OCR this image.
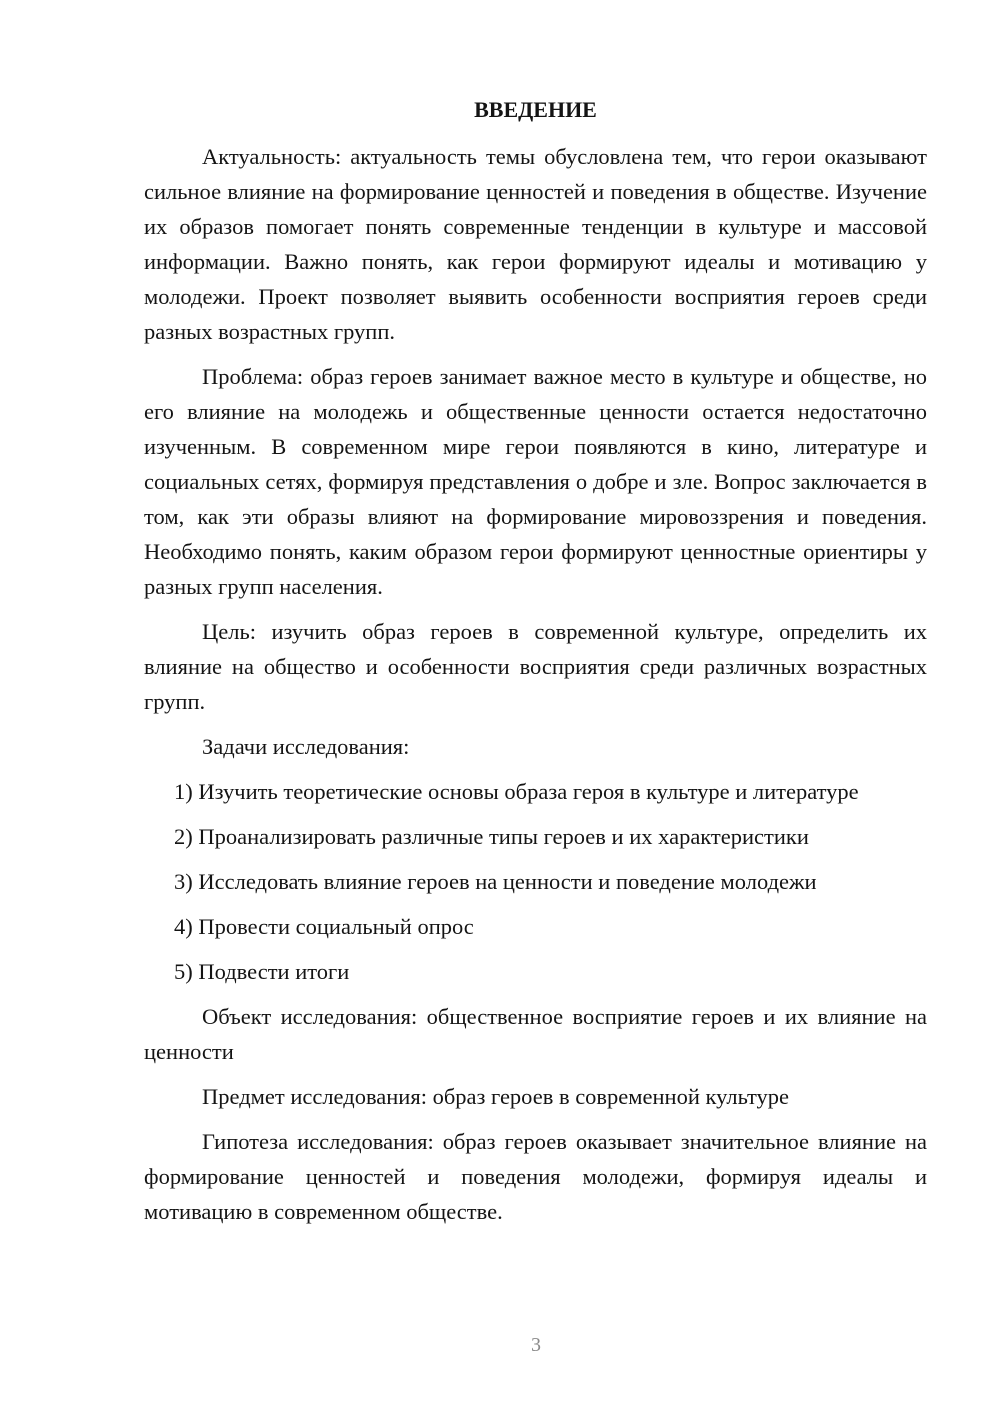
ВВЕДЕНИЕ

Актуальность: актуальность темы обусловлена тем, что герои оказывают сильное влияние на формирование ценностей и поведения в обществе. Изучение их образов помогает понять современные тенденции в культуре и массовой информации. Важно понять, как герои формируют идеалы и мотивацию у молодежи. Проект позволяет выявить особенности восприятия героев среди разных возрастных групп.

Проблема: образ героев занимает важное место в культуре и обществе, но его влияние на молодежь и общественные ценности остается недостаточно изученным. В современном мире герои появляются в кино, литературе и социальных сетях, формируя представления о добре и зле. Вопрос заключается в том, как эти образы влияют на формирование мировоззрения и поведения. Необходимо понять, каким образом герои формируют ценностные ориентиры у разных групп населения.

Цель: изучить образ героев в современной культуре, определить их влияние на общество и особенности восприятия среди различных возрастных групп.

Задачи исследования:

1) Изучить теоретические основы образа героя в культуре и литературе

2) Проанализировать различные типы героев и их характеристики

3) Исследовать влияние героев на ценности и поведение молодежи

4) Провести социальный опрос

5) Подвести итоги

Объект исследования: общественное восприятие героев и их влияние на ценности

Предмет исследования: образ героев в современной культуре

Гипотеза исследования: образ героев оказывает значительное влияние на формирование ценностей и поведения молодежи, формируя идеалы и мотивацию в современном обществе.

3
